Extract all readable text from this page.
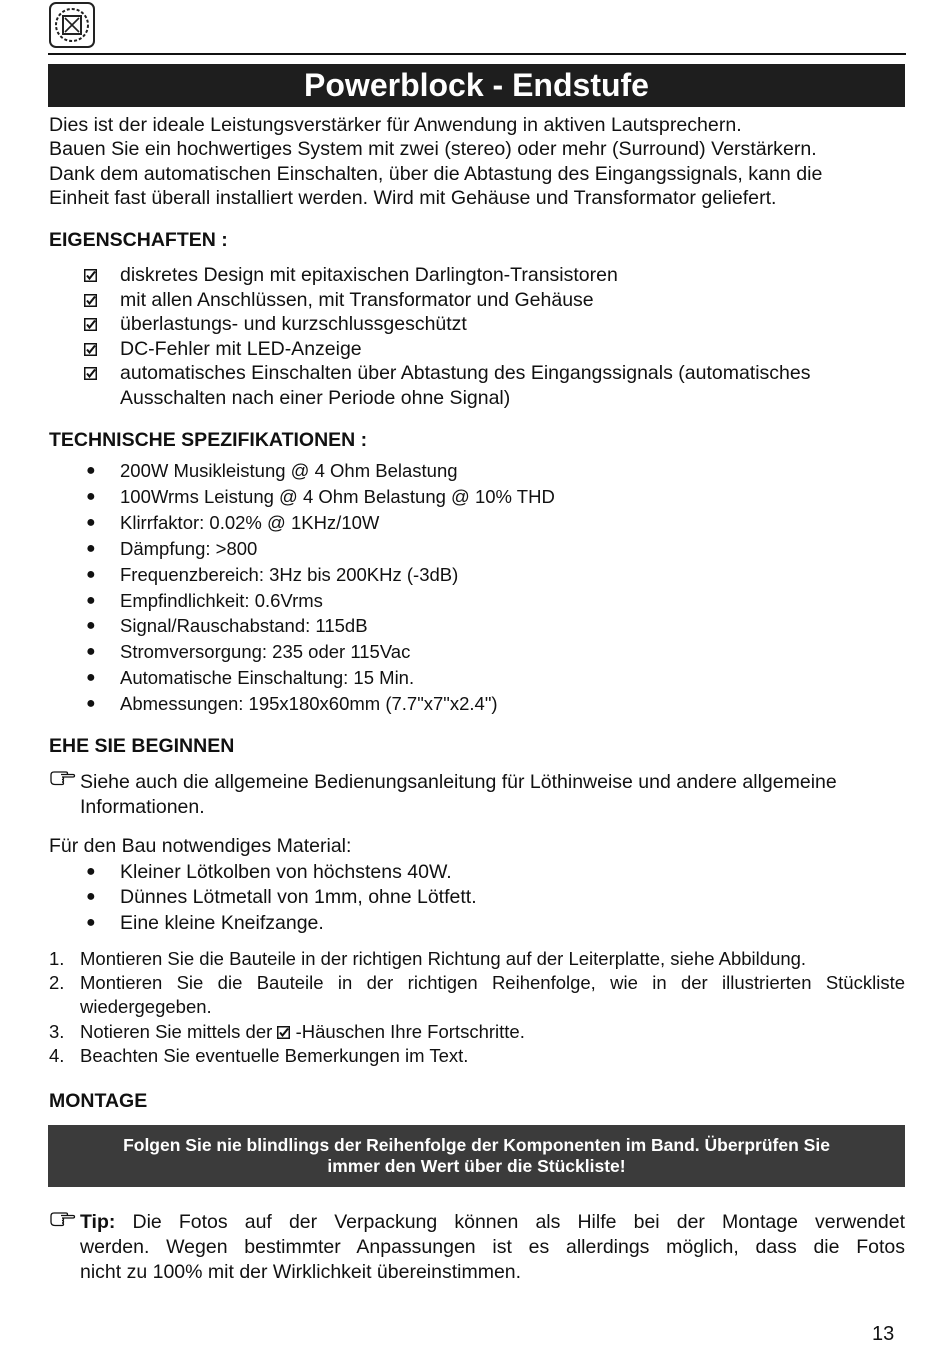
Powerblock - Endstufe
Dies ist der ideale Leistungsverstärker für Anwendung in aktiven Lautsprechern.
Bauen Sie ein hochwertiges System mit zwei (stereo) oder mehr (Surround) Verstärkern.
Dank dem automatischen Einschalten, über die Abtastung des Eingangssignals, kann die
Einheit fast überall installiert werden. Wird mit Gehäuse und Transformator geliefert.
EIGENSCHAFTEN :
diskretes Design mit epitaxischen Darlington-Transistoren
mit allen Anschlüssen, mit Transformator und Gehäuse
überlastungs- und kurzschlussgeschützt
DC-Fehler mit LED-Anzeige
automatisches Einschalten über Abtastung des Eingangssignals (automatisches
Ausschalten nach einer Periode ohne Signal)
TECHNISCHE SPEZIFIKATIONEN :
● 200W Musikleistung @ 4 Ohm Belastung
● 100Wrms Leistung @ 4 Ohm Belastung @ 10% THD
● Klirrfaktor: 0.02% @ 1KHz/10W
● Dämpfung: >800
● Frequenzbereich: 3Hz bis 200KHz (-3dB)
● Empfindlichkeit: 0.6Vrms
● Signal/Rauschabstand: 115dB
● Stromversorgung: 235 oder 115Vac
● Automatische Einschaltung: 15 Min.
● Abmessungen: 195x180x60mm (7.7"x7"x2.4")
EHE SIE BEGINNEN
Siehe auch die allgemeine Bedienungsanleitung für Löthinweise und andere allgemeine
Informationen.
Für den Bau notwendiges Material:
● Kleiner Lötkolben von höchstens 40W.
● Dünnes Lötmetall von 1mm, ohne Lötfett.
● Eine kleine Kneifzange.
1. Montieren Sie die Bauteile in der richtigen Richtung auf der Leiterplatte, siehe Abbildung.
2. Montieren Sie die Bauteile in der richtigen Reihenfolge, wie in der illustrierten Stückliste
wiedergegeben.
3. Notieren Sie mittels der -Häuschen Ihre Fortschritte.
4. Beachten Sie eventuelle Bemerkungen im Text.
MONTAGE
Folgen Sie nie blindlings der Reihenfolge der Komponenten im Band. Überprüfen Sie
immer den Wert über die Stückliste!
Tip: Die Fotos auf der Verpackung können als Hilfe bei der Montage verwendet
werden. Wegen bestimmter Anpassungen ist es allerdings möglich, dass die Fotos
nicht zu 100% mit der Wirklichkeit übereinstimmen.
13
